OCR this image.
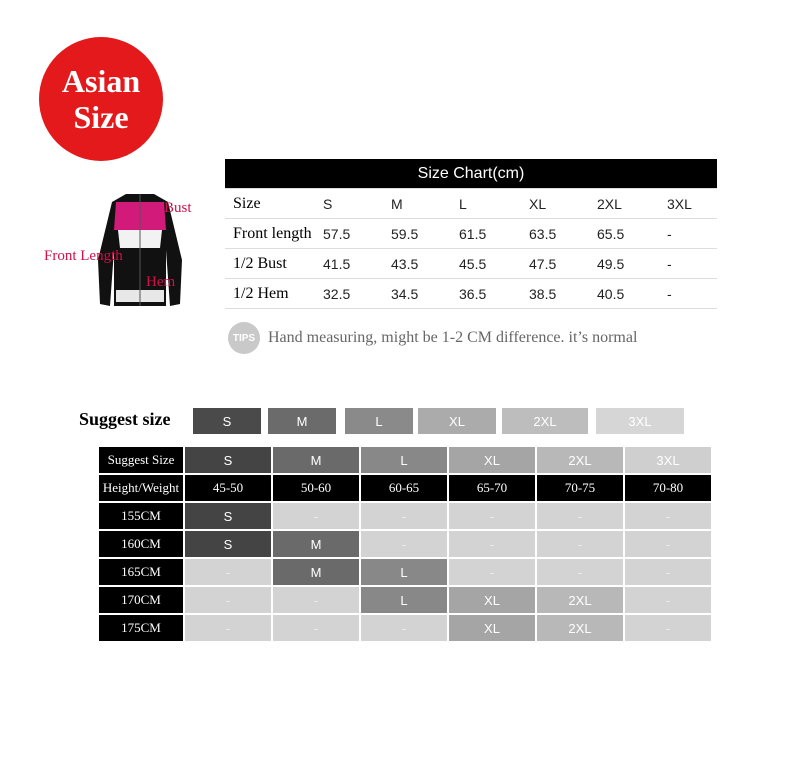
Asian
Size
Bust
Front Length
Hem
Size Chart(cm)						
Size	S	M	L	XL	2XL	3XL
Front length	57.5	59.5	61.5	63.5	65.5	-
1/2 Bust	41.5	43.5	45.5	47.5	49.5	-
1/2 Hem	32.5	34.5	36.5	38.5	40.5	-
TIPS Hand measuring, might be 1-2 CM difference. it’s normal
Suggest size	S	M	L	XL	2XL	3XL
Suggest Size	S	M	L	XL	2XL	3XL
Height/Weight	45-50	50-60	60-65	65-70	70-75	70-80
155CM	S	-	-	-	-	-
160CM	S	M	-	-	-	-
165CM	-	M	L	-	-	-
170CM	-	-	L	XL	2XL	-
175CM	-	-	-	XL	2XL	-
